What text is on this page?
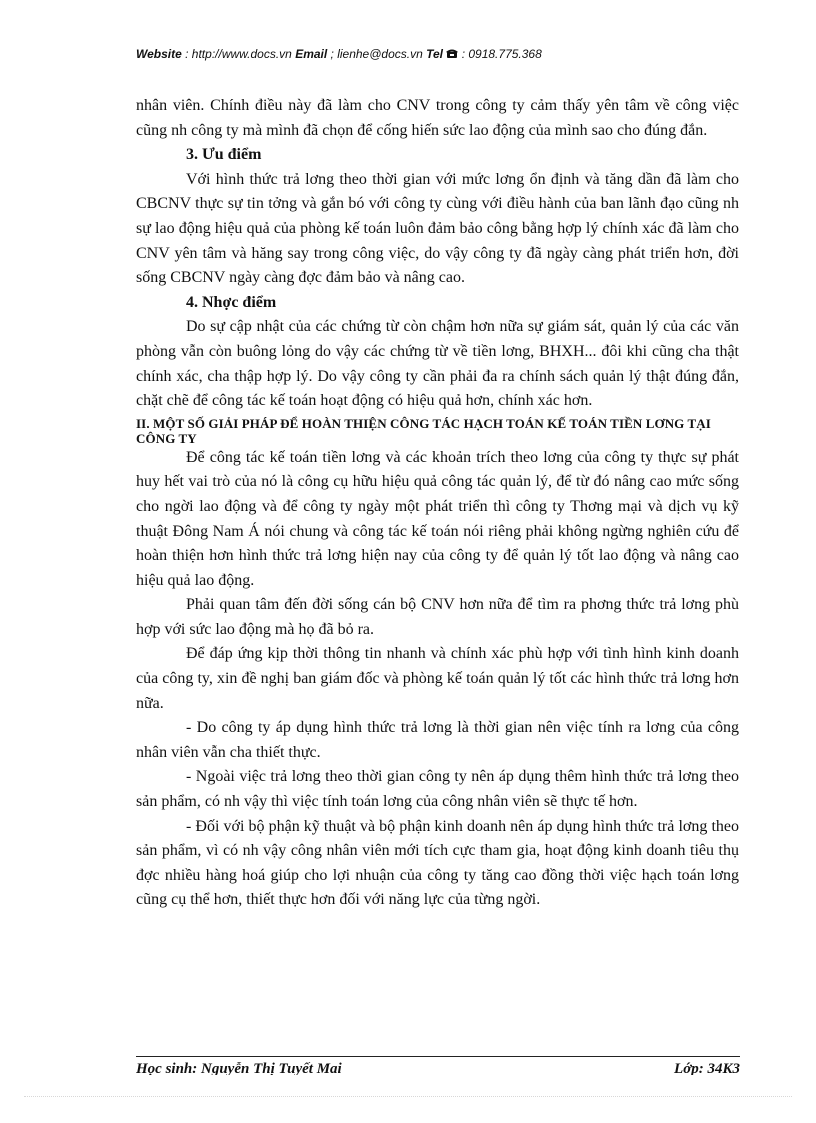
Website : http://www.docs.vn Email ; lienhe@docs.vn Tel  : 0918.775.368

nhân viên. Chính điều này đã làm cho CNV trong công ty cảm thấy yên tâm về công việc cũng nh công ty mà mình đã chọn để cống hiến sức lao động của mình sao cho đúng đắn.

3. Ưu điểm

Với hình thức trả lơng theo thời gian với mức lơng ổn định và tăng dần đã làm cho CBCNV thực sự tin tởng và gắn bó với công ty cùng với điều hành của ban lãnh đạo cũng nh sự lao động hiệu quả của phòng kế toán luôn đảm bảo công bằng hợp lý chính xác đã làm cho CNV yên tâm và hăng say trong công việc, do vậy công ty đã ngày càng phát triển hơn, đời sống CBCNV ngày càng đợc đảm bảo và nâng cao.

4. Nhợc điểm

Do sự cập nhật của các chứng từ còn chậm hơn nữa sự giám sát, quản lý của các văn phòng vẫn còn buông lỏng do vậy các chứng từ về tiền lơng, BHXH... đôi khi cũng cha thật chính xác, cha thập hợp lý. Do vậy công ty cần phải đa ra chính sách quản lý thật đúng đắn, chặt chẽ để công tác kế toán hoạt động có hiệu quả hơn, chính xác hơn.

II. MỘT SỐ GIẢI PHÁP ĐỂ HOÀN THIỆN CÔNG TÁC HẠCH TOÁN KẾ TOÁN TIỀN LƠNG TẠI CÔNG TY

Để công tác kế toán tiền lơng và các khoản trích theo lơng của công ty thực sự phát huy hết vai trò của nó là công cụ hữu hiệu quả công tác quản lý, để từ đó nâng cao mức sống cho ngời lao động và để công ty ngày một phát triển thì công ty Thơng mại và dịch vụ kỹ thuật Đông Nam Á nói chung và công tác kế toán nói riêng phải không ngừng nghiên cứu để hoàn thiện hơn hình thức trả lơng hiện nay của công ty để quản lý tốt lao động và nâng cao hiệu quả lao động.

Phải quan tâm đến đời sống cán bộ CNV hơn nữa để tìm ra phơng thức trả lơng phù hợp với sức lao động mà họ đã bỏ ra.

Để đáp ứng kịp thời thông tin nhanh và chính xác phù hợp với tình hình kinh doanh của công ty, xin đề nghị ban giám đốc và phòng kế toán quản lý tốt các hình thức trả lơng hơn nữa.

- Do công ty áp dụng hình thức trả lơng là thời gian nên việc tính ra lơng của công nhân viên vẫn cha thiết thực.

- Ngoài việc trả lơng theo thời gian công ty nên áp dụng thêm hình thức trả lơng theo sản phẩm, có nh vậy thì việc tính toán lơng của công nhân viên sẽ thực tế hơn.

- Đối với bộ phận kỹ thuật và bộ phận kinh doanh nên áp dụng hình thức trả lơng theo sản phẩm, vì có nh vậy công nhân viên mới tích cực tham gia, hoạt động kinh doanh tiêu thụ đợc nhiều hàng hoá giúp cho lợi nhuận của công ty tăng cao đồng thời việc hạch toán lơng cũng cụ thể hơn, thiết thực hơn đối với năng lực của từng ngời.

Học sinh: Nguyễn Thị Tuyết Mai	Lớp: 34K3
